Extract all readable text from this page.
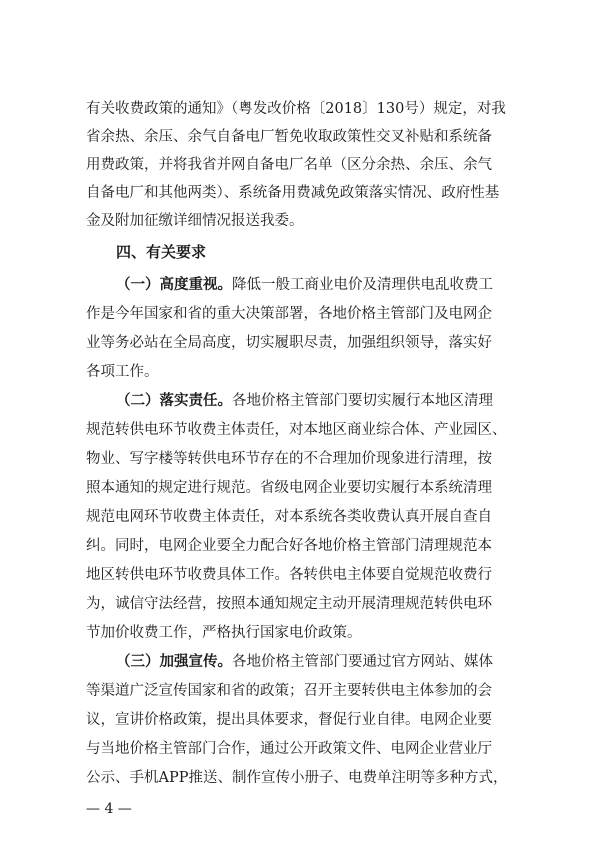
有关收费政策的通知》（粤发改价格〔2018〕130号）规定，对我
省余热、余压、余气自备电厂暂免收取政策性交叉补贴和系统备
用费政策，并将我省并网自备电厂名单（区分余热、余压、余气
自备电厂和其他两类）、系统备用费减免政策落实情况、政府性基
金及附加征缴详细情况报送我委。
四、有关要求
（一）高度重视。降低一般工商业电价及清理供电乱收费工
作是今年国家和省的重大决策部署，各地价格主管部门及电网企
业等务必站在全局高度，切实履职尽责，加强组织领导，落实好
各项工作。
（二）落实责任。各地价格主管部门要切实履行本地区清理
规范转供电环节收费主体责任，对本地区商业综合体、产业园区、
物业、写字楼等转供电环节存在的不合理加价现象进行清理，按
照本通知的规定进行规范。省级电网企业要切实履行本系统清理
规范电网环节收费主体责任，对本系统各类收费认真开展自查自
纠。同时，电网企业要全力配合好各地价格主管部门清理规范本
地区转供电环节收费具体工作。各转供电主体要自觉规范收费行
为，诚信守法经营，按照本通知规定主动开展清理规范转供电环
节加价收费工作，严格执行国家电价政策。
（三）加强宣传。各地价格主管部门要通过官方网站、媒体
等渠道广泛宣传国家和省的政策；召开主要转供电主体参加的会
议，宣讲价格政策，提出具体要求，督促行业自律。电网企业要
与当地价格主管部门合作，通过公开政策文件、电网企业营业厅
公示、手机APP推送、制作宣传小册子、电费单注明等多种方式，
— 4 —
